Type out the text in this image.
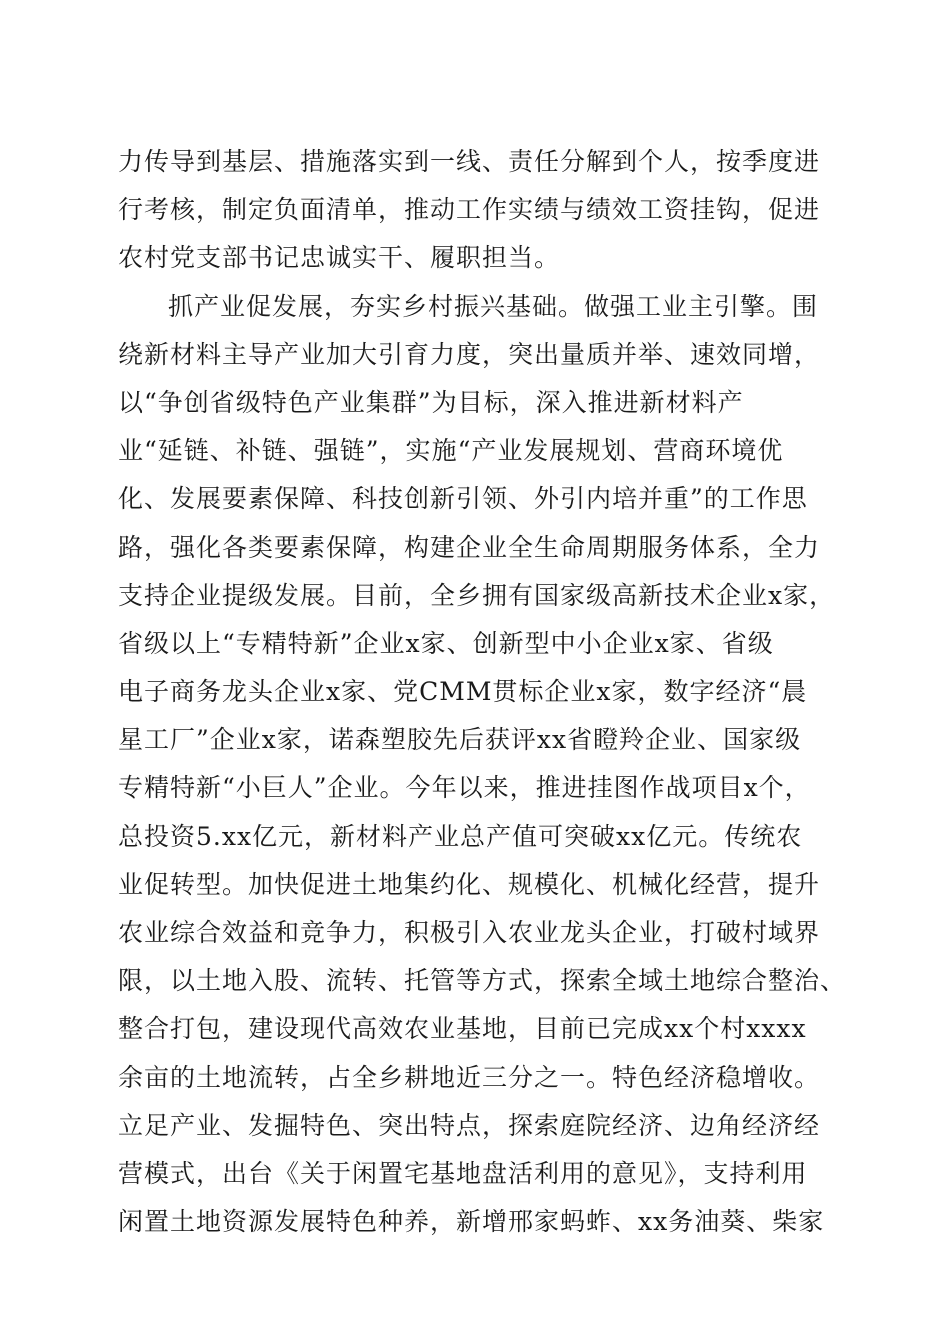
力传导到基层、措施落实到一线、责任分解到个人，按季度进
行考核，制定负面清单，推动工作实绩与绩效工资挂钩，促进
农村党支部书记忠诚实干、履职担当。
抓产业促发展，夯实乡村振兴基础。做强工业主引擎。围
绕新材料主导产业加大引育力度，突出量质并举、速效同增，
以“争创省级特色产业集群”为目标，深入推进新材料产
业“延链、补链、强链”，实施“产业发展规划、营商环境优
化、发展要素保障、科技创新引领、外引内培并重”的工作思
路，强化各类要素保障，构建企业全生命周期服务体系，全力
支持企业提级发展。目前，全乡拥有国家级高新技术企业x家，
省级以上“专精特新”企业x家、创新型中小企业x家、省级
电子商务龙头企业x家、党CMM贯标企业x家，数字经济“晨
星工厂”企业x家，诺森塑胶先后获评xx省瞪羚企业、国家级
专精特新“小巨人”企业。今年以来，推进挂图作战项目x个，
总投资5.xx亿元，新材料产业总产值可突破xx亿元。传统农
业促转型。加快促进土地集约化、规模化、机械化经营，提升
农业综合效益和竞争力，积极引入农业龙头企业，打破村域界
限，以土地入股、流转、托管等方式，探索全域土地综合整治、
整合打包，建设现代高效农业基地，目前已完成xx个村xxxx
余亩的土地流转，占全乡耕地近三分之一。特色经济稳增收。
立足产业、发掘特色、突出特点，探索庭院经济、边角经济经
营模式，出台《关于闲置宅基地盘活利用的意见》，支持利用
闲置土地资源发展特色种养，新增邢家蚂蚱、xx务油葵、柴家
